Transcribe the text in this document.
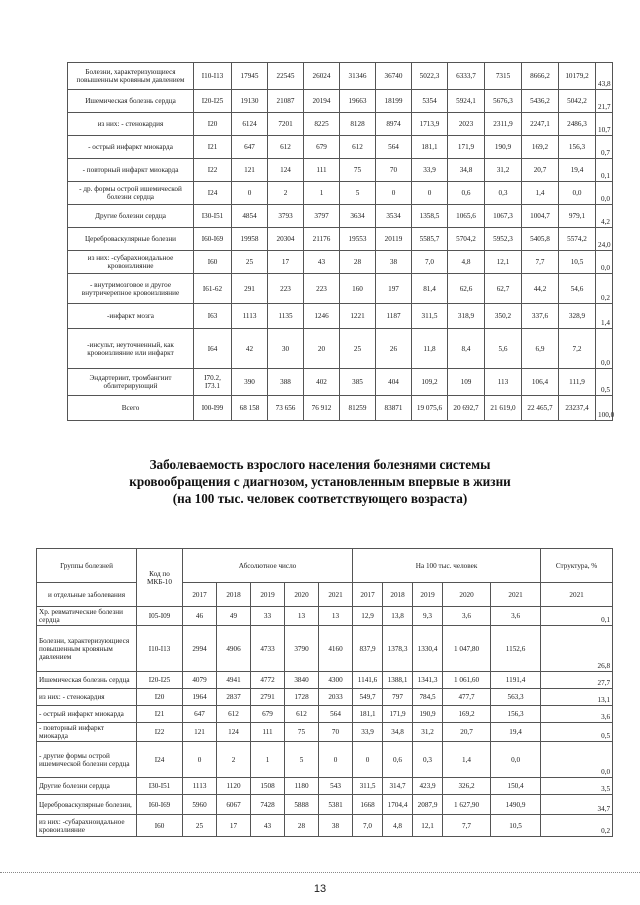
Болезни, характеризующиеся повышенным кровяным давлением	I10-I13	17945	22545	26024	31346	36740	5022,3	6333,7	7315	8666,2	10179,2	43,8
Ишемическая болезнь сердца	I20-I25	19130	21087	20194	19663	18199	5354	5924,1	5676,3	5436,2	5042,2	21,7
из них: - стенокардия	I20	6124	7201	8225	8128	8974	1713,9	2023	2311,9	2247,1	2486,3	10,7
- острый инфаркт миокарда	I21	647	612	679	612	564	181,1	171,9	190,9	169,2	156,3	0,7
- повторный инфаркт миокарда	I22	121	124	111	75	70	33,9	34,8	31,2	20,7	19,4	0,1
- др. формы острой ишемической болезни сердца	I24	0	2	1	5	0	0	0,6	0,3	1,4	0,0	0,0
Другие болезни сердца	I30-I51	4854	3793	3797	3634	3534	1358,5	1065,6	1067,3	1004,7	979,1	4,2
Цереброваскулярные болезни	I60-I69	19958	20304	21176	19553	20119	5585,7	5704,2	5952,3	5405,8	5574,2	24,0
из них: -субарахноидальное кровоизлияние	I60	25	17	43	28	38	7,0	4,8	12,1	7,7	10,5	0,0
- внутримозговое и другое внутричерепное кровоизлияние	I61-62	291	223	223	160	197	81,4	62,6	62,7	44,2	54,6	0,2
-инфаркт мозга	I63	1113	1135	1246	1221	1187	311,5	318,9	350,2	337,6	328,9	1,4
-инсульт, неуточненный, как кровоизлияние или инфаркт	I64	42	30	20	25	26	11,8	8,4	5,6	6,9	7,2	0,0
Эндартериит, тромбангиит облитерирующий	I70.2, I73.1	390	388	402	385	404	109,2	109	113	106,4	111,9	0,5
Всего	I00-I99	68 158	73 656	76 912	81259	83871	19 075,6	20 692,7	21 619,0	22 465,7	23237,4	100,0
Заболеваемость взрослого населения болезнями системы
кровообращения с диагнозом, установленным впервые в жизни
(на 100 тыс. человек соответствующего возраста)
Группы болезней	Код по МКБ-10	Абсолютное число					На 100 тыс. человек					Структура, %
и отдельные заболевания		2017	2018	2019	2020	2021	2017	2018	2019	2020	2021	2021
Хр. ревматические болезни сердца	I05-I09	46	49	33	13	13	12,9	13,8	9,3	3,6	3,6	0,1
Болезни, характеризующиеся повышенным кровяным давлением	I10-I13	2994	4906	4733	3790	4160	837,9	1378,3	1330,4	1 047,80	1152,6	26,8
Ишемическая болезнь сердца	I20-I25	4079	4941	4772	3840	4300	1141,6	1388,1	1341,3	1 061,60	1191,4	27,7
из них: - стенокардия	I20	1964	2837	2791	1728	2033	549,7	797	784,5	477,7	563,3	13,1
- острый инфаркт миокарда	I21	647	612	679	612	564	181,1	171,9	190,9	169,2	156,3	3,6
- повторный инфаркт миокарда	I22	121	124	111	75	70	33,9	34,8	31,2	20,7	19,4	0,5
- другие формы острой ишемической болезни сердца	I24	0	2	1	5	0	0	0,6	0,3	1,4	0,0	0,0
Другие болезни сердца	I30-I51	1113	1120	1508	1180	543	311,5	314,7	423,9	326,2	150,4	3,5
Цереброваскулярные болезни,	I60-I69	5960	6067	7428	5888	5381	1668	1704,4	2087,9	1 627,90	1490,9	34,7
из них: -субарахноидальное кровоизлияние	I60	25	17	43	28	38	7,0	4,8	12,1	7,7	10,5	0,2
13
